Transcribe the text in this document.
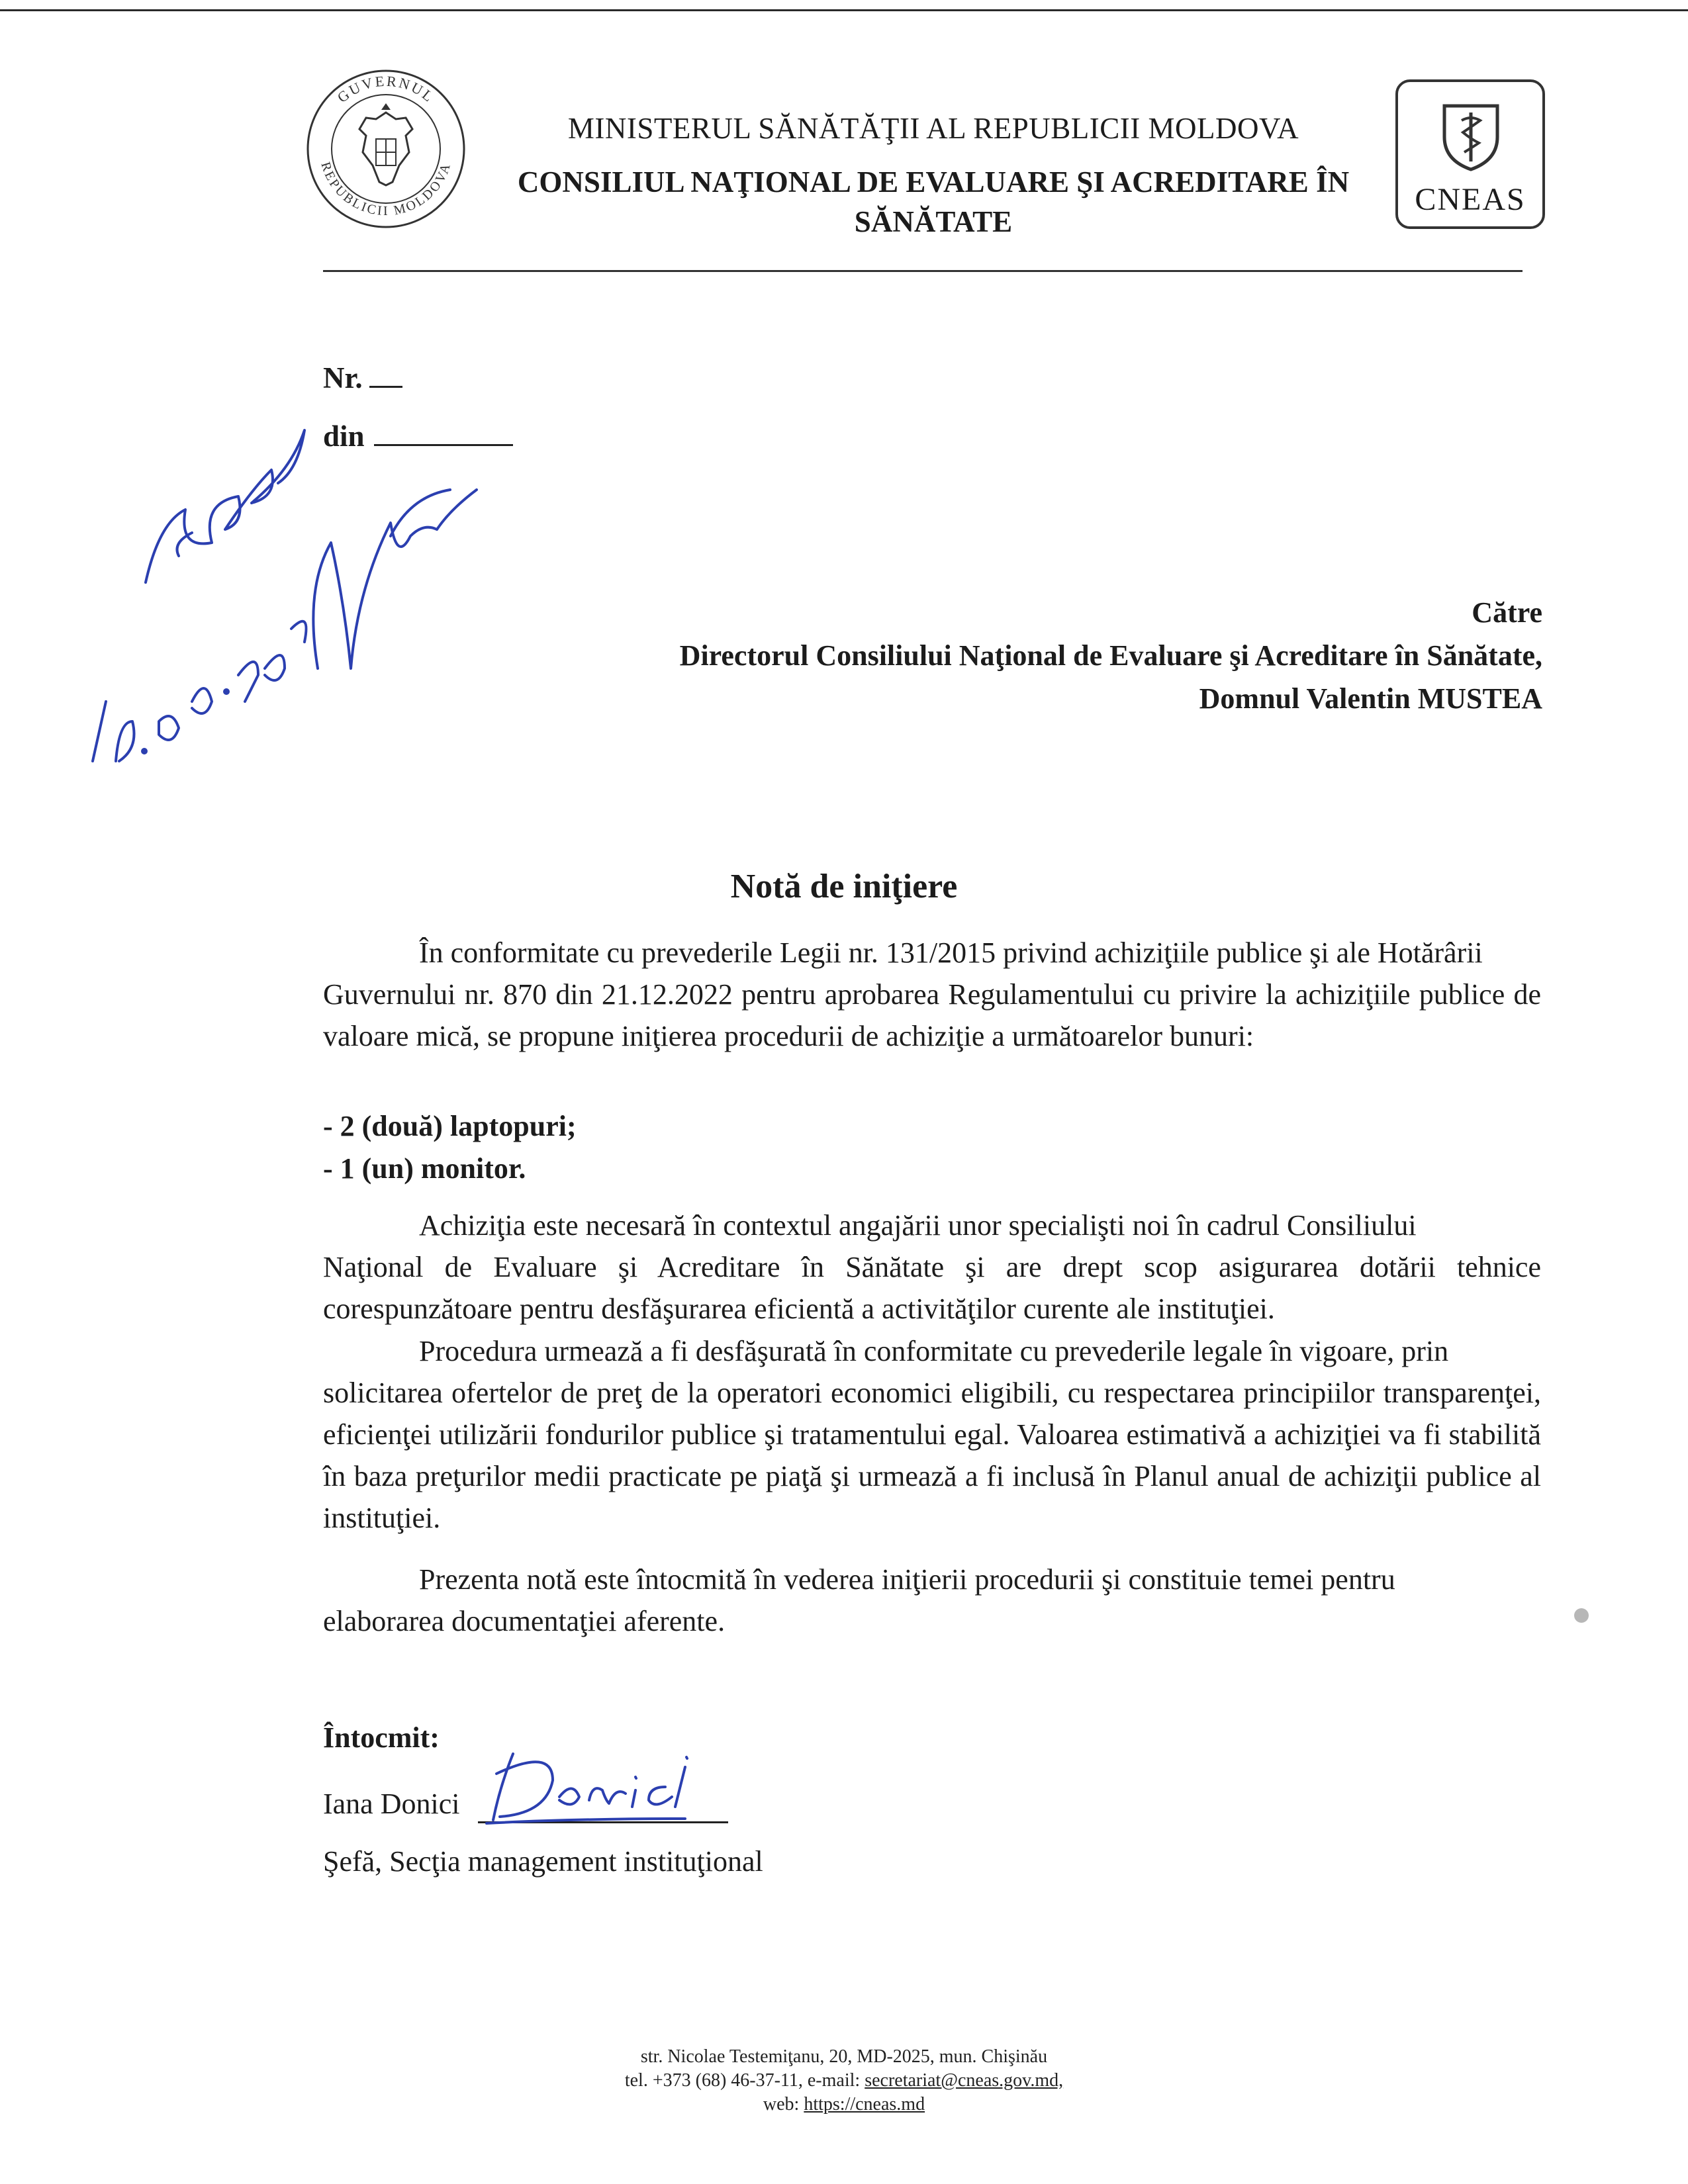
GUVERNUL
REPUBLICII MOLDOVA
MINISTERUL SĂNĂTĂŢII AL REPUBLICII MOLDOVA
CONSILIUL NAŢIONAL DE EVALUARE ŞI ACREDITARE ÎN
SĂNĂTATE
CNEAS
Nr.
din
Către
Directorul Consiliului Naţional de Evaluare şi Acreditare în Sănătate,
Domnul Valentin MUSTEA
Notă de iniţiere
În conformitate cu prevederile Legii nr. 131/2015 privind achiziţiile publice şi ale Hotărârii
Guvernului nr. 870 din 21.12.2022 pentru aprobarea Regulamentului cu privire la achiziţiile publice de valoare mică, se propune iniţierea procedurii de achiziţie a următoarelor bunuri:
- 2 (două) laptopuri;
- 1 (un) monitor.
Achiziţia este necesară în contextul angajării unor specialişti noi în cadrul Consiliului
Naţional de Evaluare şi Acreditare în Sănătate şi are drept scop asigurarea dotării tehnice corespunzătoare pentru desfăşurarea eficientă a activităţilor curente ale instituţiei.
Procedura urmează a fi desfăşurată în conformitate cu prevederile legale în vigoare, prin
solicitarea ofertelor de preţ de la operatori economici eligibili, cu respectarea principiilor transparenţei, eficienţei utilizării fondurilor publice şi tratamentului egal. Valoarea estimativă a achiziţiei va fi stabilită în baza preţurilor medii practicate pe piaţă şi urmează a fi inclusă în Planul anual de achiziţii publice al instituţiei.
Prezenta notă este întocmită în vederea iniţierii procedurii şi constituie temei pentru
elaborarea documentaţiei aferente.
Întocmit:
Iana Donici
Şefă, Secţia management instituţional
str. Nicolae Testemiţanu, 20, MD-2025, mun. Chişinău
tel. +373 (68) 46-37-11, e-mail: secretariat@cneas.gov.md,
web: https://cneas.md
